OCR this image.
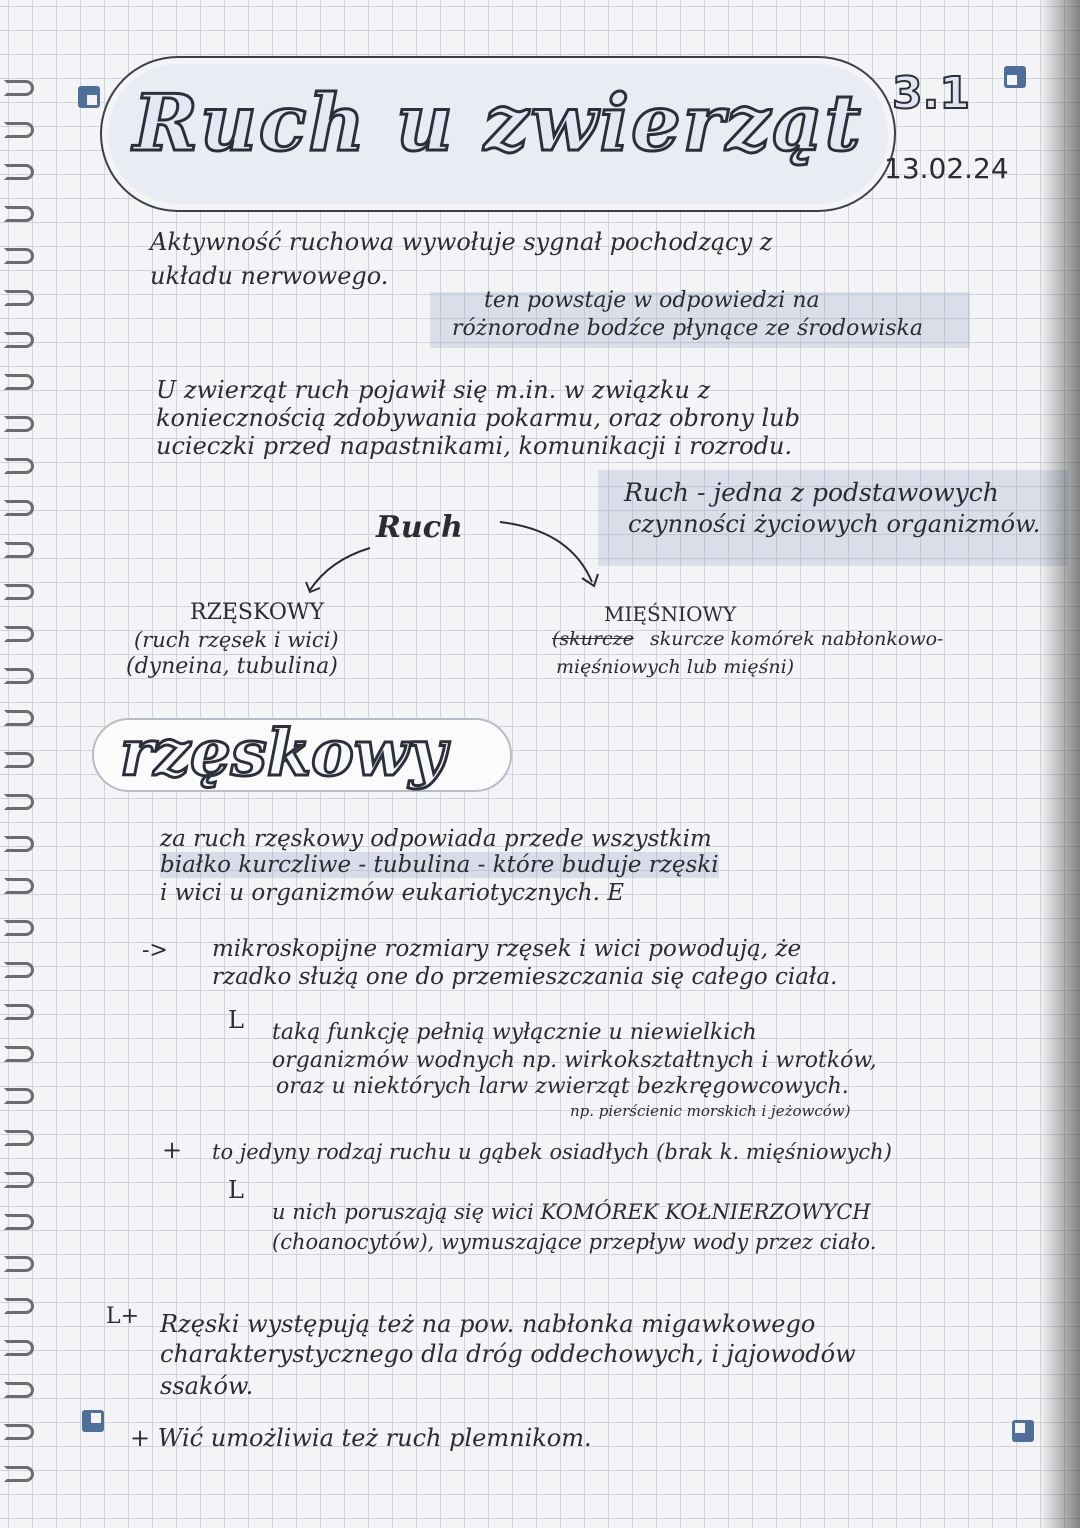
Ruch u zwierząt 3.1
13.02.24
Aktywność ruchowa wywołuje sygnał pochodzący z
układu nerwowego.
ten powstaje w odpowiedzi na
różnorodne bodźce płynące ze środowiska
U zwierząt ruch pojawił się m.in. w związku z
koniecznością zdobywania pokarmu, oraz obrony lub
ucieczki przed napastnikami, komunikacji i rozrodu.
Ruch - jedna z podstawowych
czynności życiowych organizmów.
Ruch
RZĘSKOWY
(ruch rzęsek i wici)
(dyneina, tubulina)
MIĘŚNIOWY
(skurcze skurcze komórek nabłonkowo-
mięśniowych lub mięśni)
rzęskowy
za ruch rzęskowy odpowiada przede wszystkim
białko kurczliwe - tubulina - które buduje rzęski
i wici u organizmów eukariotycznych. E
-> mikroskopijne rozmiary rzęsek i wici powodują, że
rzadko służą one do przemieszczania się całego ciała.
L taką funkcję pełnią wyłącznie u niewielkich
organizmów wodnych np. wirkokształtnych i wrotków,
oraz u niektórych larw zwierząt bezkręgowcowych.
np. pierścienic morskich i jeżowców)
+ to jedyny rodzaj ruchu u gąbek osiadłych (brak k. mięśniowych)
L
u nich poruszają się wici KOMÓREK KOŁNIERZOWYCH
(choanocytów), wymuszające przepływ wody przez ciało.
L+ Rzęski występują też na pow. nabłonka migawkowego
charakterystycznego dla dróg oddechowych, i jajowodów
ssaków.
+ Wić umożliwia też ruch plemnikom.
